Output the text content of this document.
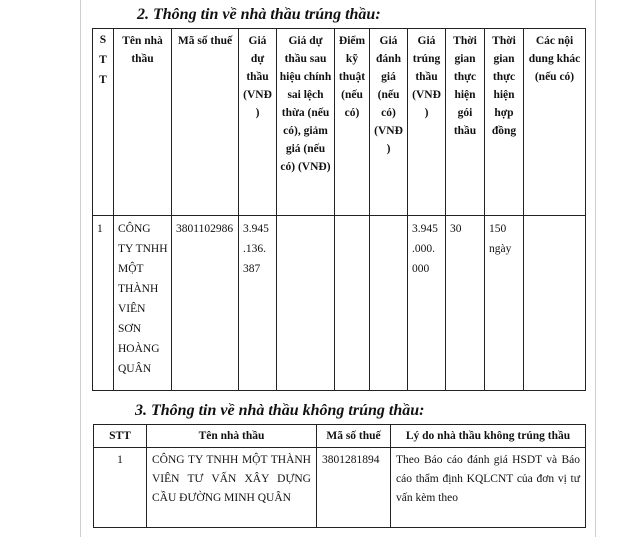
2. Thông tin về nhà thầu trúng thầu:
S T T	Tên nhà thầu	Mã số thuế	Giá dự thầu (VNĐ )	Giá dự thầu sau hiệu chính sai lệch thừa (nếu có), giảm giá (nếu có) (VNĐ)	Điểm kỹ thuật (nếu có)	Giá đánh giá (nếu có) (VNĐ )	Giá trúng thầu (VNĐ )	Thời gian thực hiện gói thầu	Thời gian thực hiện hợp đồng	Các nội dung khác (nếu có)
1	CÔNG TY TNHH MỘT THÀNH VIÊN SƠN HOÀNG QUÂN	3801102986	3.945 .136. 387				3.945 .000. 000	30	150 ngày	
3. Thông tin về nhà thầu không trúng thầu:
STT	Tên nhà thầu	Mã số thuế	Lý do nhà thầu không trúng thầu
1	CÔNG TY TNHH MỘT THÀNH VIÊN TƯ VẤN XÂY DỰNG CẦU ĐƯỜNG MINH QUÂN	3801281894	Theo Báo cáo đánh giá HSDT và Báo cáo thẩm định KQLCNT của đơn vị tư vấn kèm theo
